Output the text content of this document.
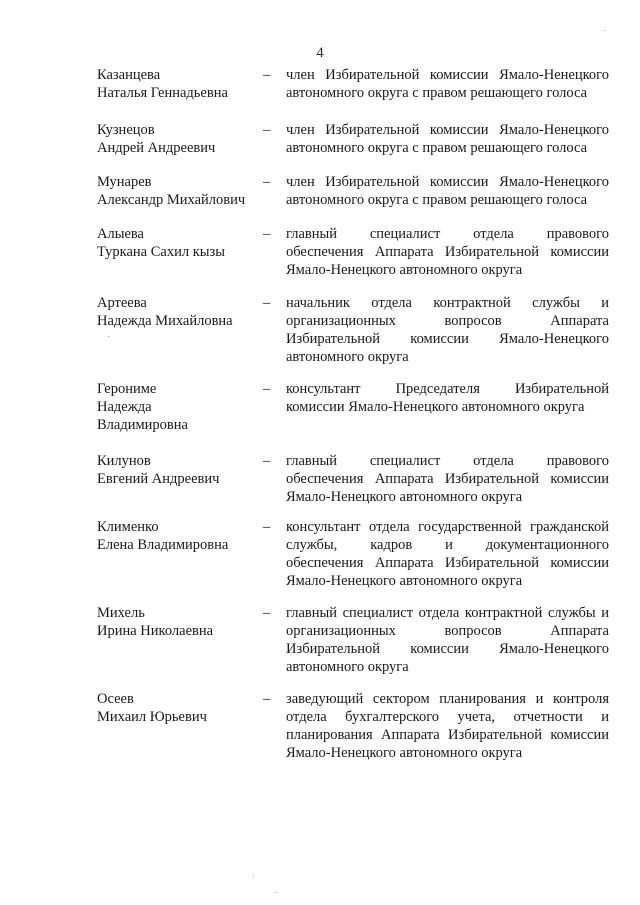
4
Казанцева
Наталья Геннадьевна
– член Избирательной комиссии Ямало-Ненецкого
автономного округа с правом решающего голоса
Кузнецов
Андрей Андреевич
– член Избирательной комиссии Ямало-Ненецкого
автономного округа с правом решающего голоса
Мунарев
Александр Михайлович
– член Избирательной комиссии Ямало-Ненецкого
автономного округа с правом решающего голоса
Алыева
Туркана Сахил кызы
– главный специалист отдела правового
обеспечения Аппарата Избирательной комиссии
Ямало-Ненецкого автономного округа
Артеева
Надежда Михайловна
– начальник отдела контрактной службы и
организационных вопросов Аппарата
Избирательной комиссии Ямало-Ненецкого
автономного округа
Герониме
Надежда
Владимировна
– консультант Председателя Избирательной
комиссии Ямало-Ненецкого автономного округа
Килунов
Евгений Андреевич
– главный специалист отдела правового
обеспечения Аппарата Избирательной комиссии
Ямало-Ненецкого автономного округа
Клименко
Елена Владимировна
– консультант отдела государственной гражданской
службы, кадров и документационного
обеспечения Аппарата Избирательной комиссии
Ямало-Ненецкого автономного округа
Михель
Ирина Николаевна
– главный специалист отдела контрактной службы и
организационных вопросов Аппарата
Избирательной комиссии Ямало-Ненецкого
автономного округа
Осеев
Михаил Юрьевич
– заведующий сектором планирования и контроля
отдела бухгалтерского учета, отчетности и
планирования Аппарата Избирательной комиссии
Ямало-Ненецкого автономного округа
